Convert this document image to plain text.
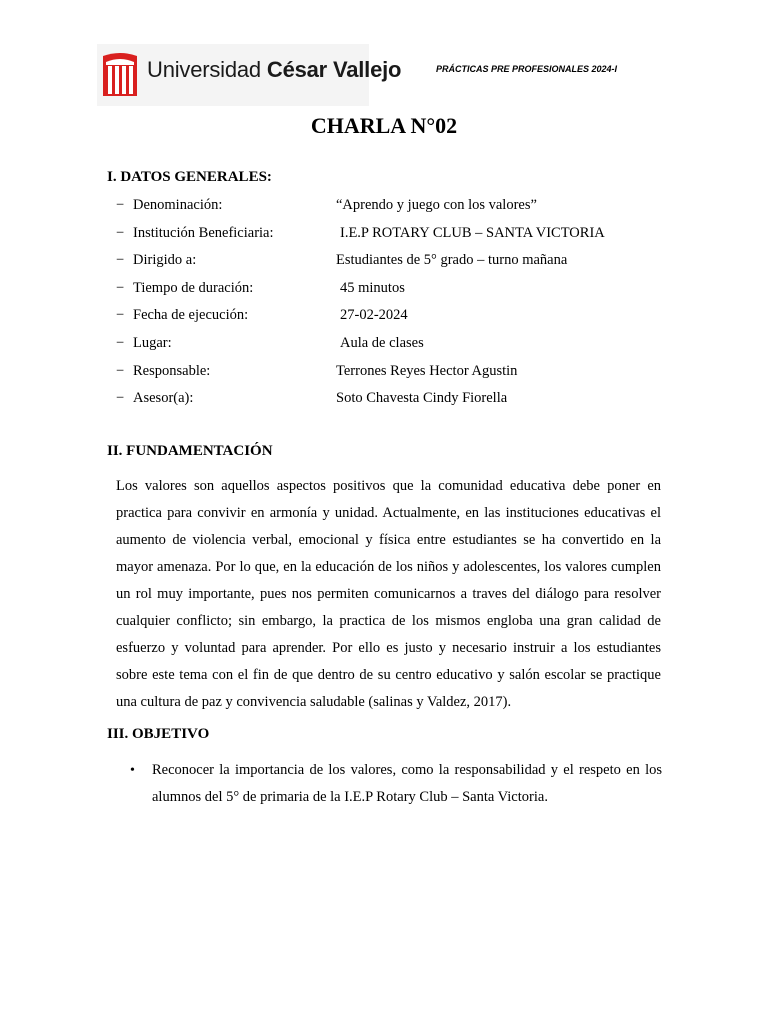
Universidad César Vallejo	PRÁCTICAS PRE PROFESIONALES 2024-I
CHARLA N°02
I. DATOS GENERALES:
− Denominación:	“Aprendo y juego con los valores”
− Institución Beneficiaria:	I.E.P ROTARY CLUB – SANTA VICTORIA
− Dirigido a:	Estudiantes de 5° grado – turno mañana
− Tiempo de duración:	45 minutos
− Fecha de ejecución:	27-02-2024
− Lugar:	Aula de clases
− Responsable:	Terrones Reyes Hector Agustin
− Asesor(a):	Soto Chavesta Cindy Fiorella
II. FUNDAMENTACIÓN
Los valores son aquellos aspectos positivos que la comunidad educativa debe poner en practica para convivir en armonía y unidad. Actualmente, en las instituciones educativas el aumento de violencia verbal, emocional y física entre estudiantes se ha convertido en la mayor amenaza. Por lo que, en la educación de los niños y adolescentes, los valores cumplen un rol muy importante, pues nos permiten comunicarnos a traves del diálogo para resolver cualquier conflicto; sin embargo, la practica de los mismos engloba una gran calidad de esfuerzo y voluntad para aprender. Por ello es justo y necesario instruir a los estudiantes sobre este tema con el fin de que dentro de su centro educativo y salón escolar se practique una cultura de paz y convivencia saludable (salinas y Valdez, 2017).
III. OBJETIVO
• Reconocer la importancia de los valores, como la responsabilidad y el respeto en los alumnos del 5° de primaria de la I.E.P Rotary Club – Santa Victoria.
